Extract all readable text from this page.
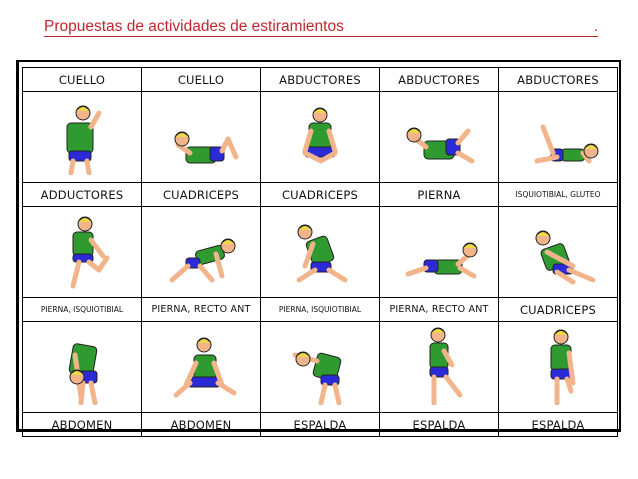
Propuestas de actividades de estiramientos	.
CUELLO	CUELLO	ABDUCTORES	ABDUCTORES	ABDUCTORES
ADDUCTORES	CUADRICEPS	CUADRICEPS	PIERNA	ISQUIOTIBIAL, GLUTEO
PIERNA, ISQUIOTIBIAL	PIERNA, RECTO ANT	PIERNA, ISQUIOTIBIAL	PIERNA, RECTO ANT	CUADRICEPS
ABDOMEN	ABDOMEN	ESPALDA	ESPALDA	ESPALDA
